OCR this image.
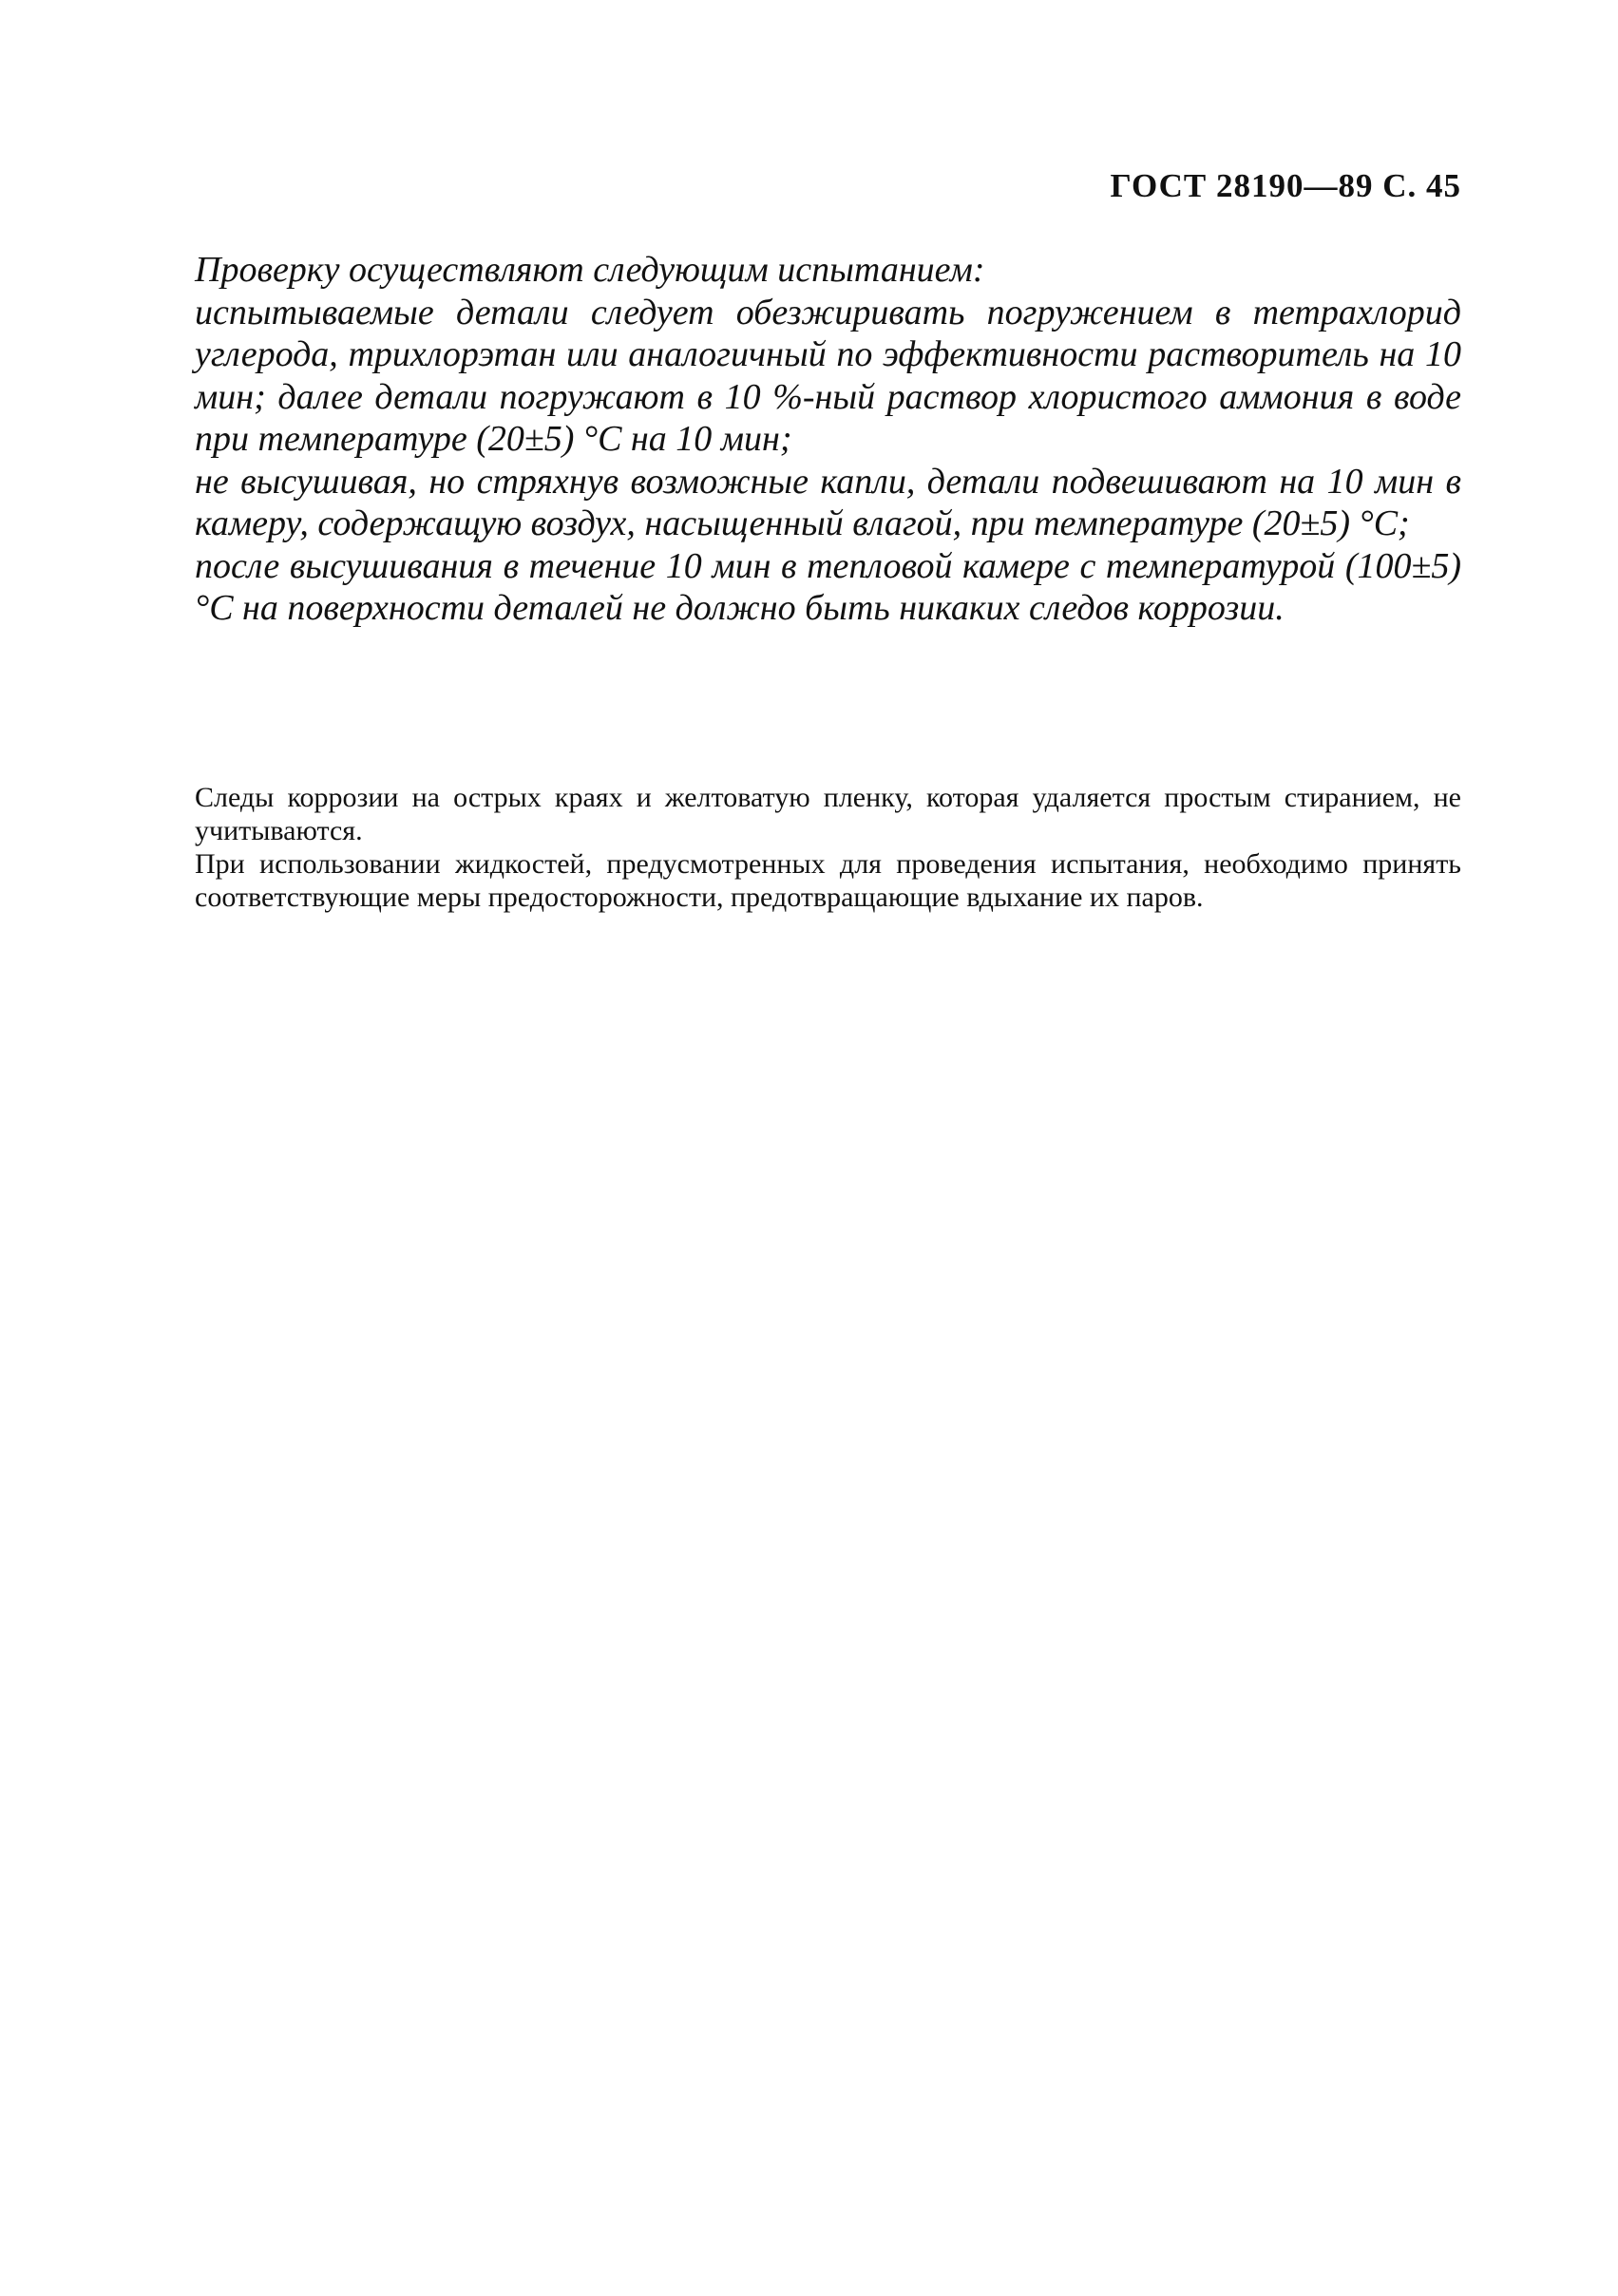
ГОСТ 28190—89 С. 45

Проверку осуществляют следующим испытанием:

испытываемые детали следует обезжиривать погружением в тетрахлорид углерода, трихлорэтан или аналогичный по эффективности растворитель на 10 мин; далее детали погружают в 10 %-ный раствор хлористого аммония в воде при температуре (20±5) °С на 10 мин;

не высушивая, но стряхнув возможные капли, детали подвешивают на 10 мин в камеру, содержащую воздух, насыщенный влагой, при температуре (20±5) °С;

после высушивания в течение 10 мин в тепловой камере с температурой (100±5) °С на поверхности деталей не должно быть никаких следов коррозии.

Следы коррозии на острых краях и желтоватую пленку, которая удаляется простым стиранием, не учитываются.

При использовании жидкостей, предусмотренных для проведения испытания, необходимо принять соответствующие меры предосторожности, предотвращающие вдыхание их паров.
